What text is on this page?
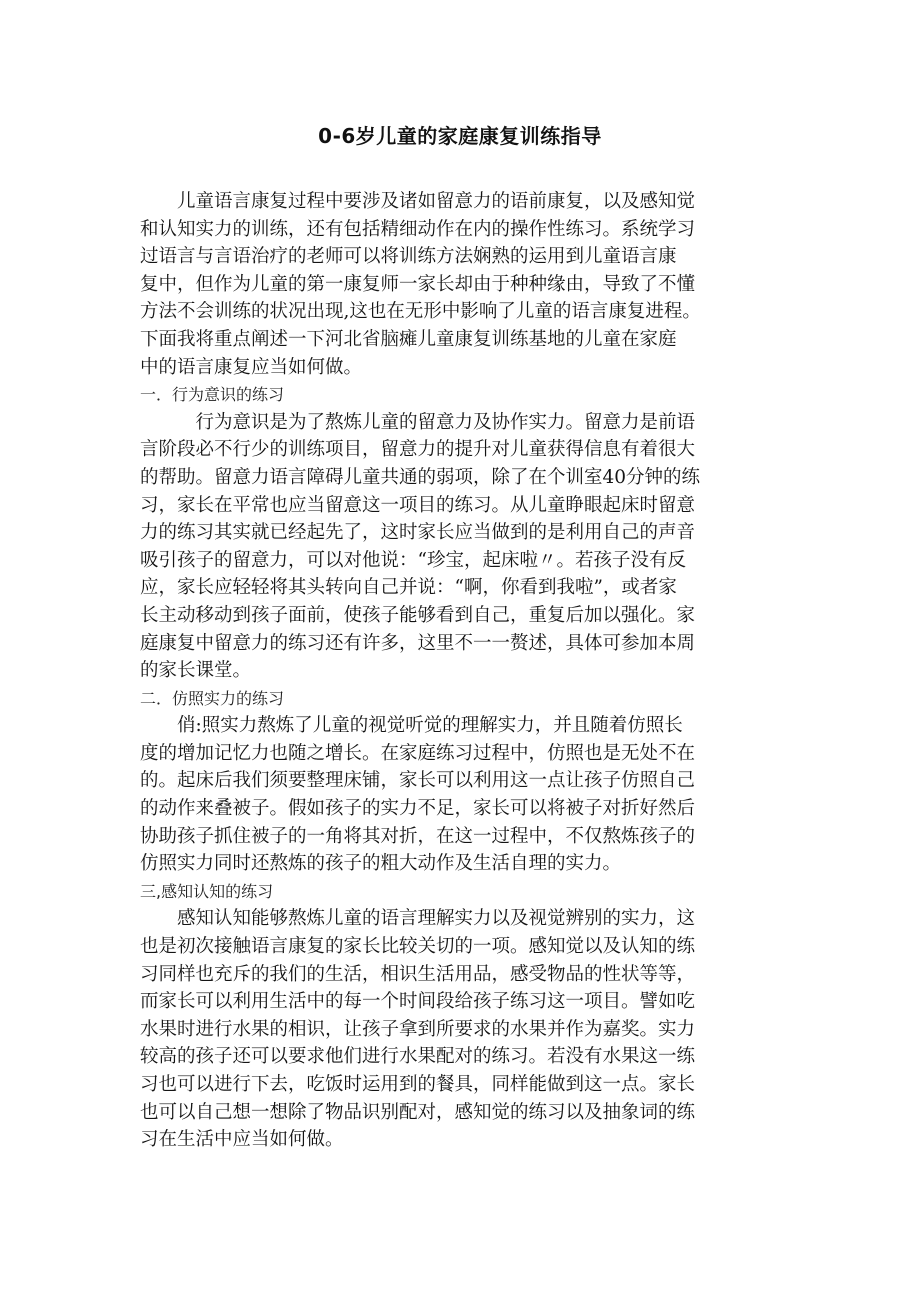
0-6岁儿童的家庭康复训练指导
　　儿童语言康复过程中要涉及诸如留意力的语前康复，以及感知觉
和认知实力的训练，还有包括精细动作在内的操作性练习。系统学习
过语言与言语治疗的老师可以将训练方法娴熟的运用到儿童语言康
复中，但作为儿童的第一康复师一家长却由于种种缘由，导致了不懂
方法不会训练的状况出现,这也在无形中影响了儿童的语言康复进程。
下面我将重点阐述一下河北省脑瘫儿童康复训练基地的儿童在家庭
中的语言康复应当如何做。
一．行为意识的练习
　　　行为意识是为了熬炼儿童的留意力及协作实力。留意力是前语
言阶段必不行少的训练项目，留意力的提升对儿童获得信息有着很大
的帮助。留意力语言障碍儿童共通的弱项，除了在个训室40分钟的练
习，家长在平常也应当留意这一项目的练习。从儿童睁眼起床时留意
力的练习其实就已经起先了，这时家长应当做到的是利用自己的声音
吸引孩子的留意力，可以对他说：“珍宝，起床啦〃。若孩子没有反
应，家长应轻轻将其头转向自己并说：“啊，你看到我啦”，或者家
长主动移动到孩子面前，使孩子能够看到自己，重复后加以强化。家
庭康复中留意力的练习还有许多，这里不一一赘述，具体可参加本周
的家长课堂。
二．仿照实力的练习
　　俏:照实力熬炼了儿童的视觉听觉的理解实力，并且随着仿照长
度的增加记忆力也随之增长。在家庭练习过程中，仿照也是无处不在
的。起床后我们须要整理床铺，家长可以利用这一点让孩子仿照自己
的动作来叠被子。假如孩子的实力不足，家长可以将被子对折好然后
协助孩子抓住被子的一角将其对折，在这一过程中，不仅熬炼孩子的
仿照实力同时还熬炼的孩子的粗大动作及生活自理的实力。
三,感知认知的练习
　　感知认知能够熬炼儿童的语言理解实力以及视觉辨别的实力，这
也是初次接触语言康复的家长比较关切的一项。感知觉以及认知的练
习同样也充斥的我们的生活，相识生活用品，感受物品的性状等等，
而家长可以利用生活中的每一个时间段给孩子练习这一项目。譬如吃
水果时进行水果的相识，让孩子拿到所要求的水果并作为嘉奖。实力
较高的孩子还可以要求他们进行水果配对的练习。若没有水果这一练
习也可以进行下去，吃饭时运用到的餐具，同样能做到这一点。家长
也可以自己想一想除了物品识别配对，感知觉的练习以及抽象词的练
习在生活中应当如何做。
